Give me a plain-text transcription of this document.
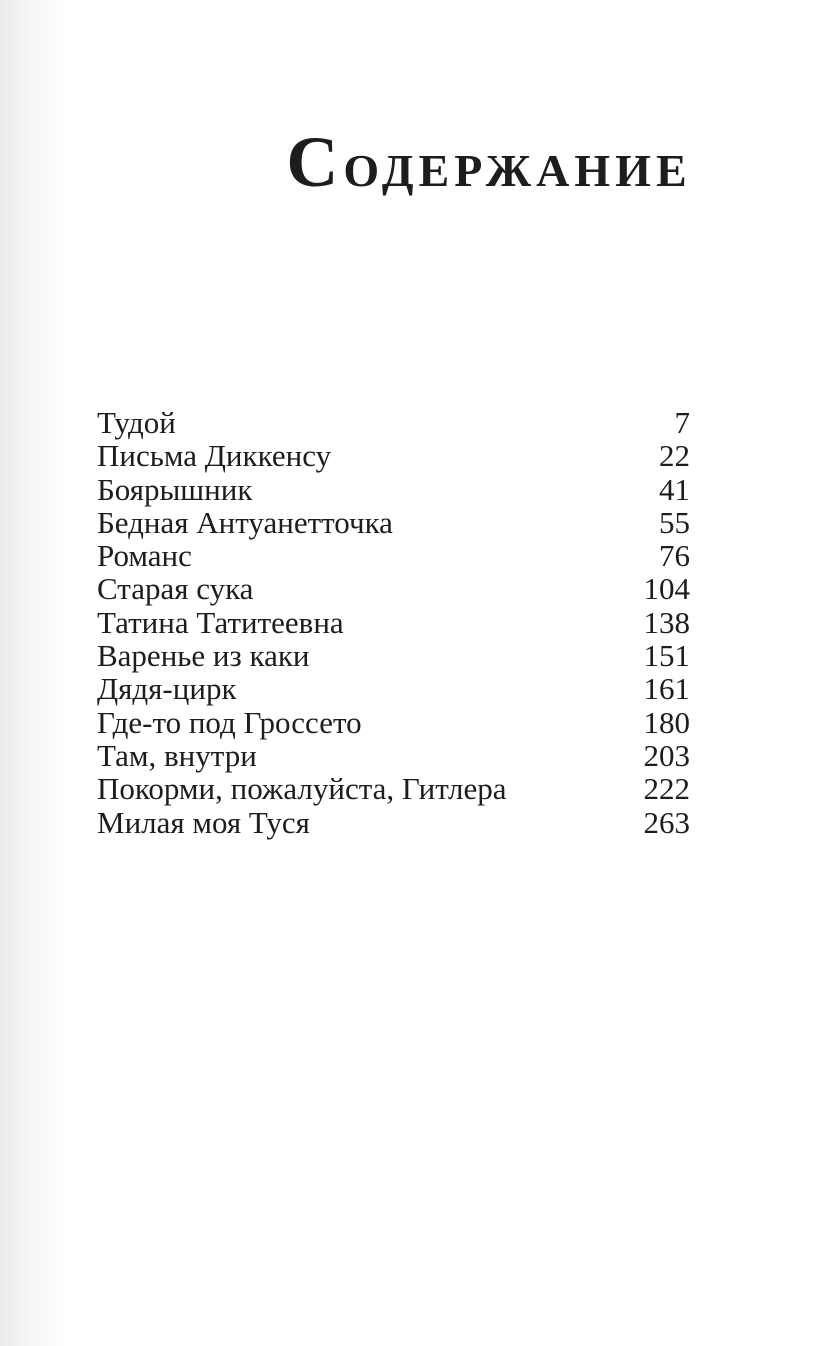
СОДЕРЖАНИЕ
Тудой	7
Письма Диккенсу	22
Боярышник	41
Бедная Антуанетточка	55
Романс	76
Старая сука	104
Татина Татитеевна	138
Варенье из каки	151
Дядя-цирк	161
Где-то под Гроссето	180
Там, внутри	203
Покорми, пожалуйста, Гитлера	222
Милая моя Туся	263
